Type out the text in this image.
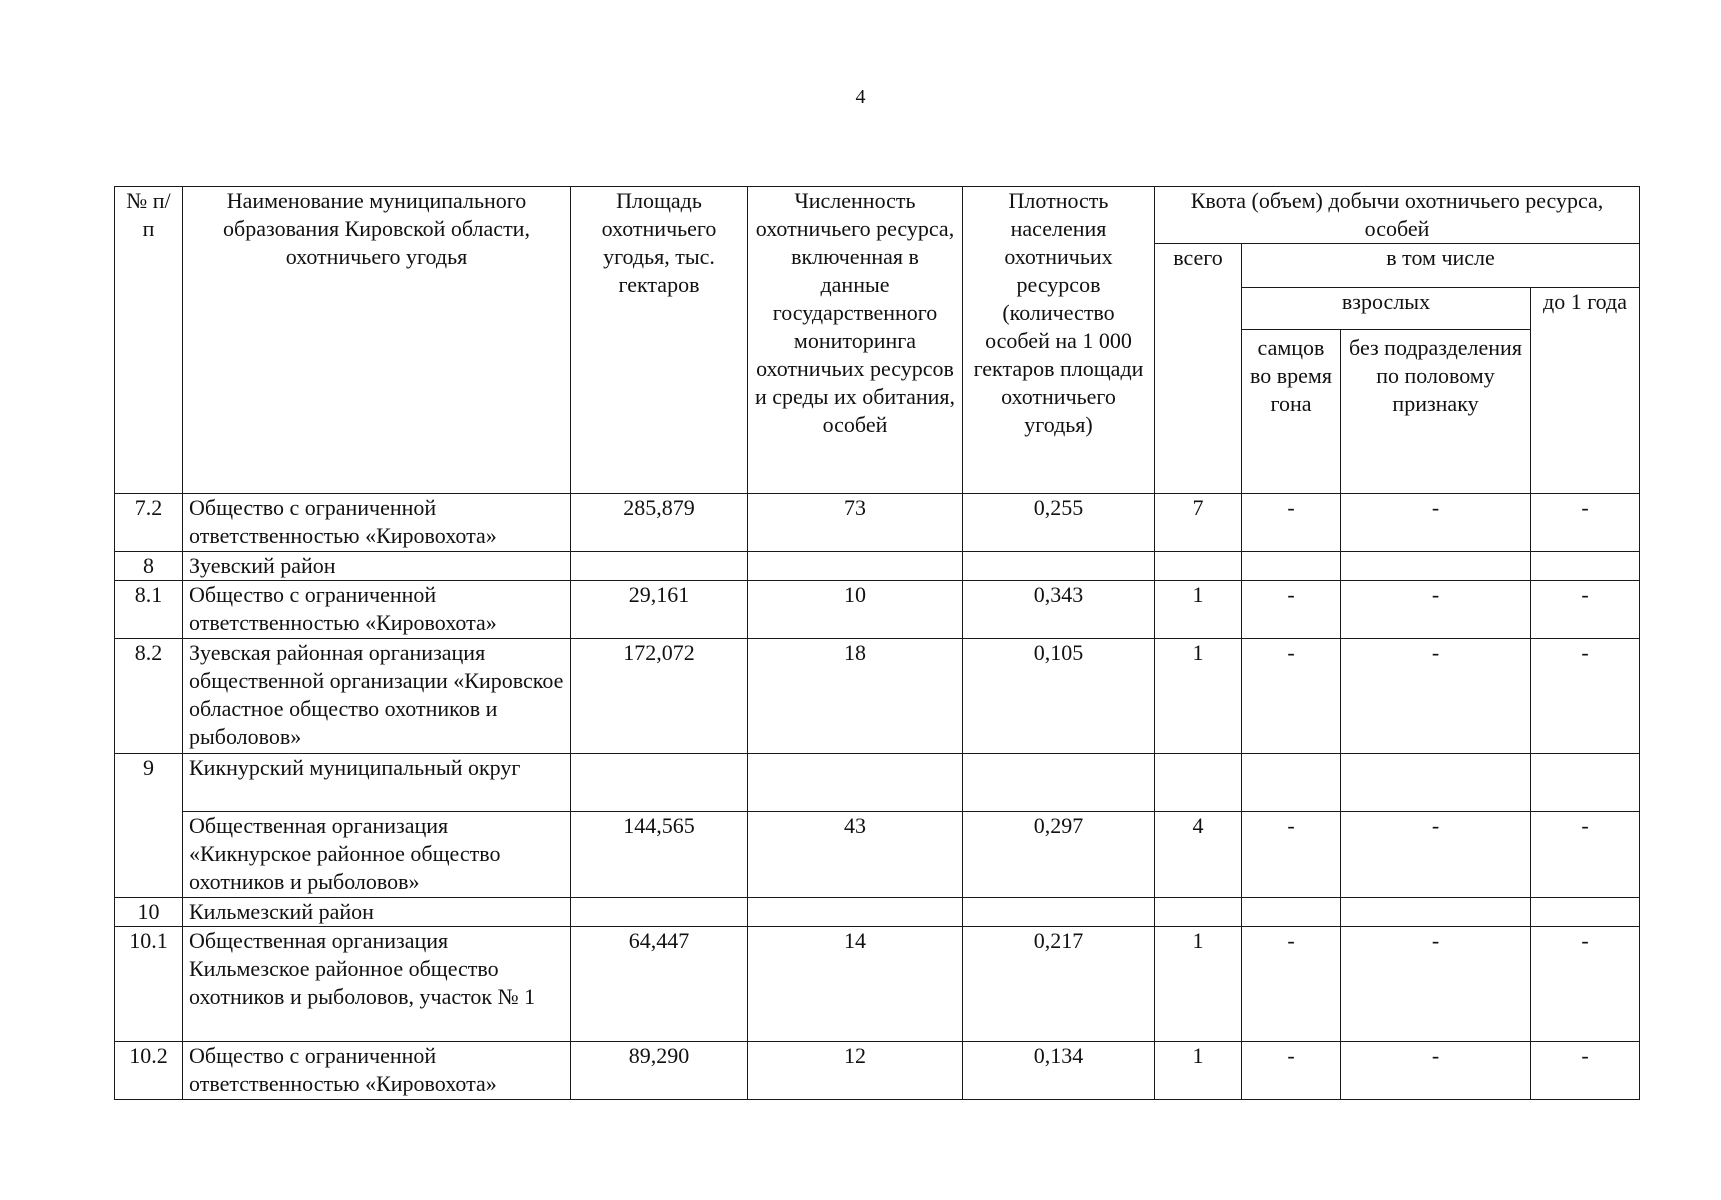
4
№ п/п	Наименование муниципального образования Кировской области, охотничьего угодья	Площадь охотничьего угодья, тыс. гектаров	Численность охотничьего ресурса, включенная в данные государственного мониторинга охотничьих ресурсов и среды их обитания, особей	Плотность населения охотничьих ресурсов (количество особей на 1 000 гектаров площади охотничьего угодья)	Квота (объем) добычи охотничьего ресурса, особей			
					всего	в том числе		
						взрослых		до 1 года
						самцов во время гона	без подразделения по половому признаку	
7.2	Общество с ограниченной ответственностью «Кировохота»	285,879	73	0,255	7	-	-	-
8	Зуевский район							
8.1	Общество с ограниченной ответственностью «Кировохота»	29,161	10	0,343	1	-	-	-
8.2	Зуевская районная организация общественной организации «Кировское областное общество охотников и рыболовов»	172,072	18	0,105	1	-	-	-
9	Кикнурский муниципальный округ							
	Общественная организация «Кикнурское районное общество охотников и рыболовов»	144,565	43	0,297	4	-	-	-
10	Кильмезский район							
10.1	Общественная организация Кильмезское районное общество охотников и рыболовов, участок № 1	64,447	14	0,217	1	-	-	-
10.2	Общество с ограниченной ответственностью «Кировохота»	89,290	12	0,134	1	-	-	-
